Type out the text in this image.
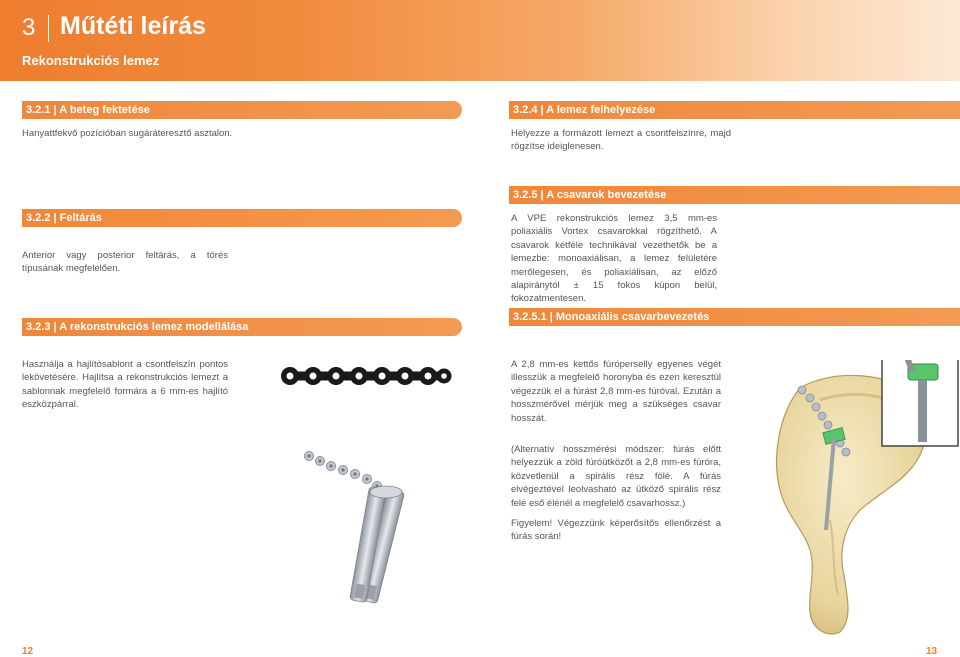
3 Műtéti leírás
Rekonstrukciós lemez
3.2.1 | A beteg fektetése
Hanyattfekvő pozícióban sugáráteresztő asztalon.
3.2.2 | Feltárás
Anterior vagy posterior feltárás, a törés típusának megfelelően.
3.2.3 | A rekonstrukciós lemez modellálása
Használja a hajlítósablont a csontfelszín pontos lekövetésére. Hajlítsa a rekonstrukciós lemezt a sablonnak megfelelő formára a 6 mm-es hajlító eszközpárral.
3.2.4 | A lemez felhelyezése
Helyezze a formázott lemezt a csontfelszínre, majd rögzítse ideiglenesen.
3.2.5 | A csavarok bevezetése
A VPE rekonstrukciós lemez 3,5 mm-es poliaxiális Vortex csavarokkal rögzíthető. A csavarok kétféle technikával vezethetők be a lemezbe: monoaxiálisan, a lemez felületére merőlegesen, és poliaxiálisan, az előző alapiránytól ± 15 fokos kúpon belül, fokozatmentesen.
3.2.5.1 | Monoaxiális csavarbevezetés
A 2,8 mm-es kettős fúróperselly egyenes végét illesszük a megfelelő horonyba és ezen keresztül végezzük el a fúrást 2,8 mm-es fúróval. Ezután a hosszmérővel mérjük meg a szükséges csavar hosszát.
(Alternatív hosszmérési módszer: fúrás előtt helyezzük a zöld fúróütközőt a 2,8 mm-es fúróra, közvetlenül a spirális rész fölé. A fúrás elvégeztével leolvasható az ütköző spirális rész felé eső élénél a megfelelő csavarhossz.)
Figyelem! Végezzünk képerősítős ellenőrzést a fúrás során!
12	13
